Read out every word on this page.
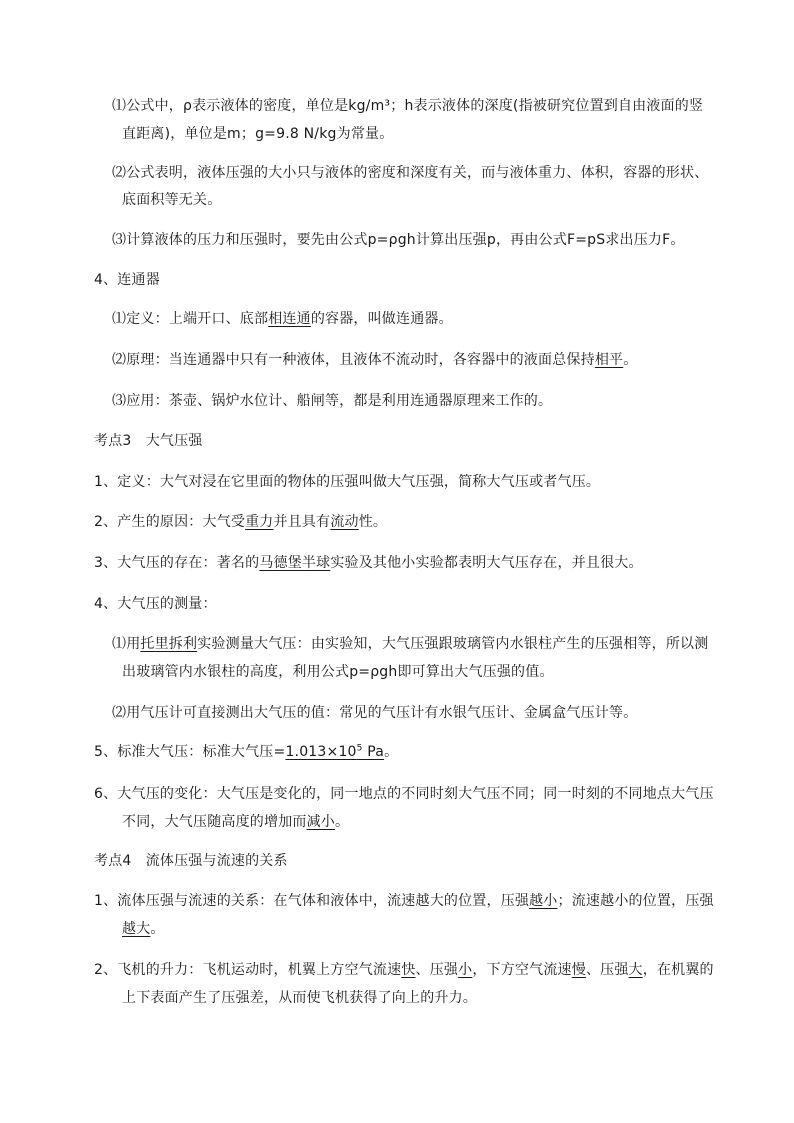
⑴公式中，ρ表示液体的密度，单位是kg/m³；h表示液体的深度(指被研究位置到自由液面的竖
直距离)，单位是m；g=9.8 N/kg为常量。
⑵公式表明，液体压强的大小只与液体的密度和深度有关，而与液体重力、体积，容器的形状、
底面积等无关。
⑶计算液体的压力和压强时，要先由公式p=ρgh计算出压强p，再由公式F=pS求出压力F。
4、连通器
⑴定义：上端开口、底部相连通的容器，叫做连通器。
⑵原理：当连通器中只有一种液体，且液体不流动时，各容器中的液面总保持相平。
⑶应用：茶壶、锅炉水位计、船闸等，都是利用连通器原理来工作的。
考点3　大气压强
1、定义：大气对浸在它里面的物体的压强叫做大气压强，简称大气压或者气压。
2、产生的原因：大气受重力并且具有流动性。
3、大气压的存在：著名的马德堡半球实验及其他小实验都表明大气压存在，并且很大。
4、大气压的测量：
⑴用托里拆利实验测量大气压：由实验知，大气压强跟玻璃管内水银柱产生的压强相等，所以测
出玻璃管内水银柱的高度，利用公式p=ρgh即可算出大气压强的值。
⑵用气压计可直接测出大气压的值：常见的气压计有水银气压计、金属盒气压计等。
5、标准大气压：标准大气压$=1.013\times 10^5$ Pa。
6、大气压的变化：大气压是变化的，同一地点的不同时刻大气压不同；同一时刻的不同地点大气压
不同，大气压随高度的增加而减小。
考点4　流体压强与流速的关系
1、流体压强与流速的关系：在气体和液体中，流速越大的位置，压强越小；流速越小的位置，压强
越大。
2、飞机的升力：飞机运动时，机翼上方空气流速快、压强小，下方空气流速慢、压强大，在机翼的
上下表面产生了压强差，从而使飞机获得了向上的升力。
